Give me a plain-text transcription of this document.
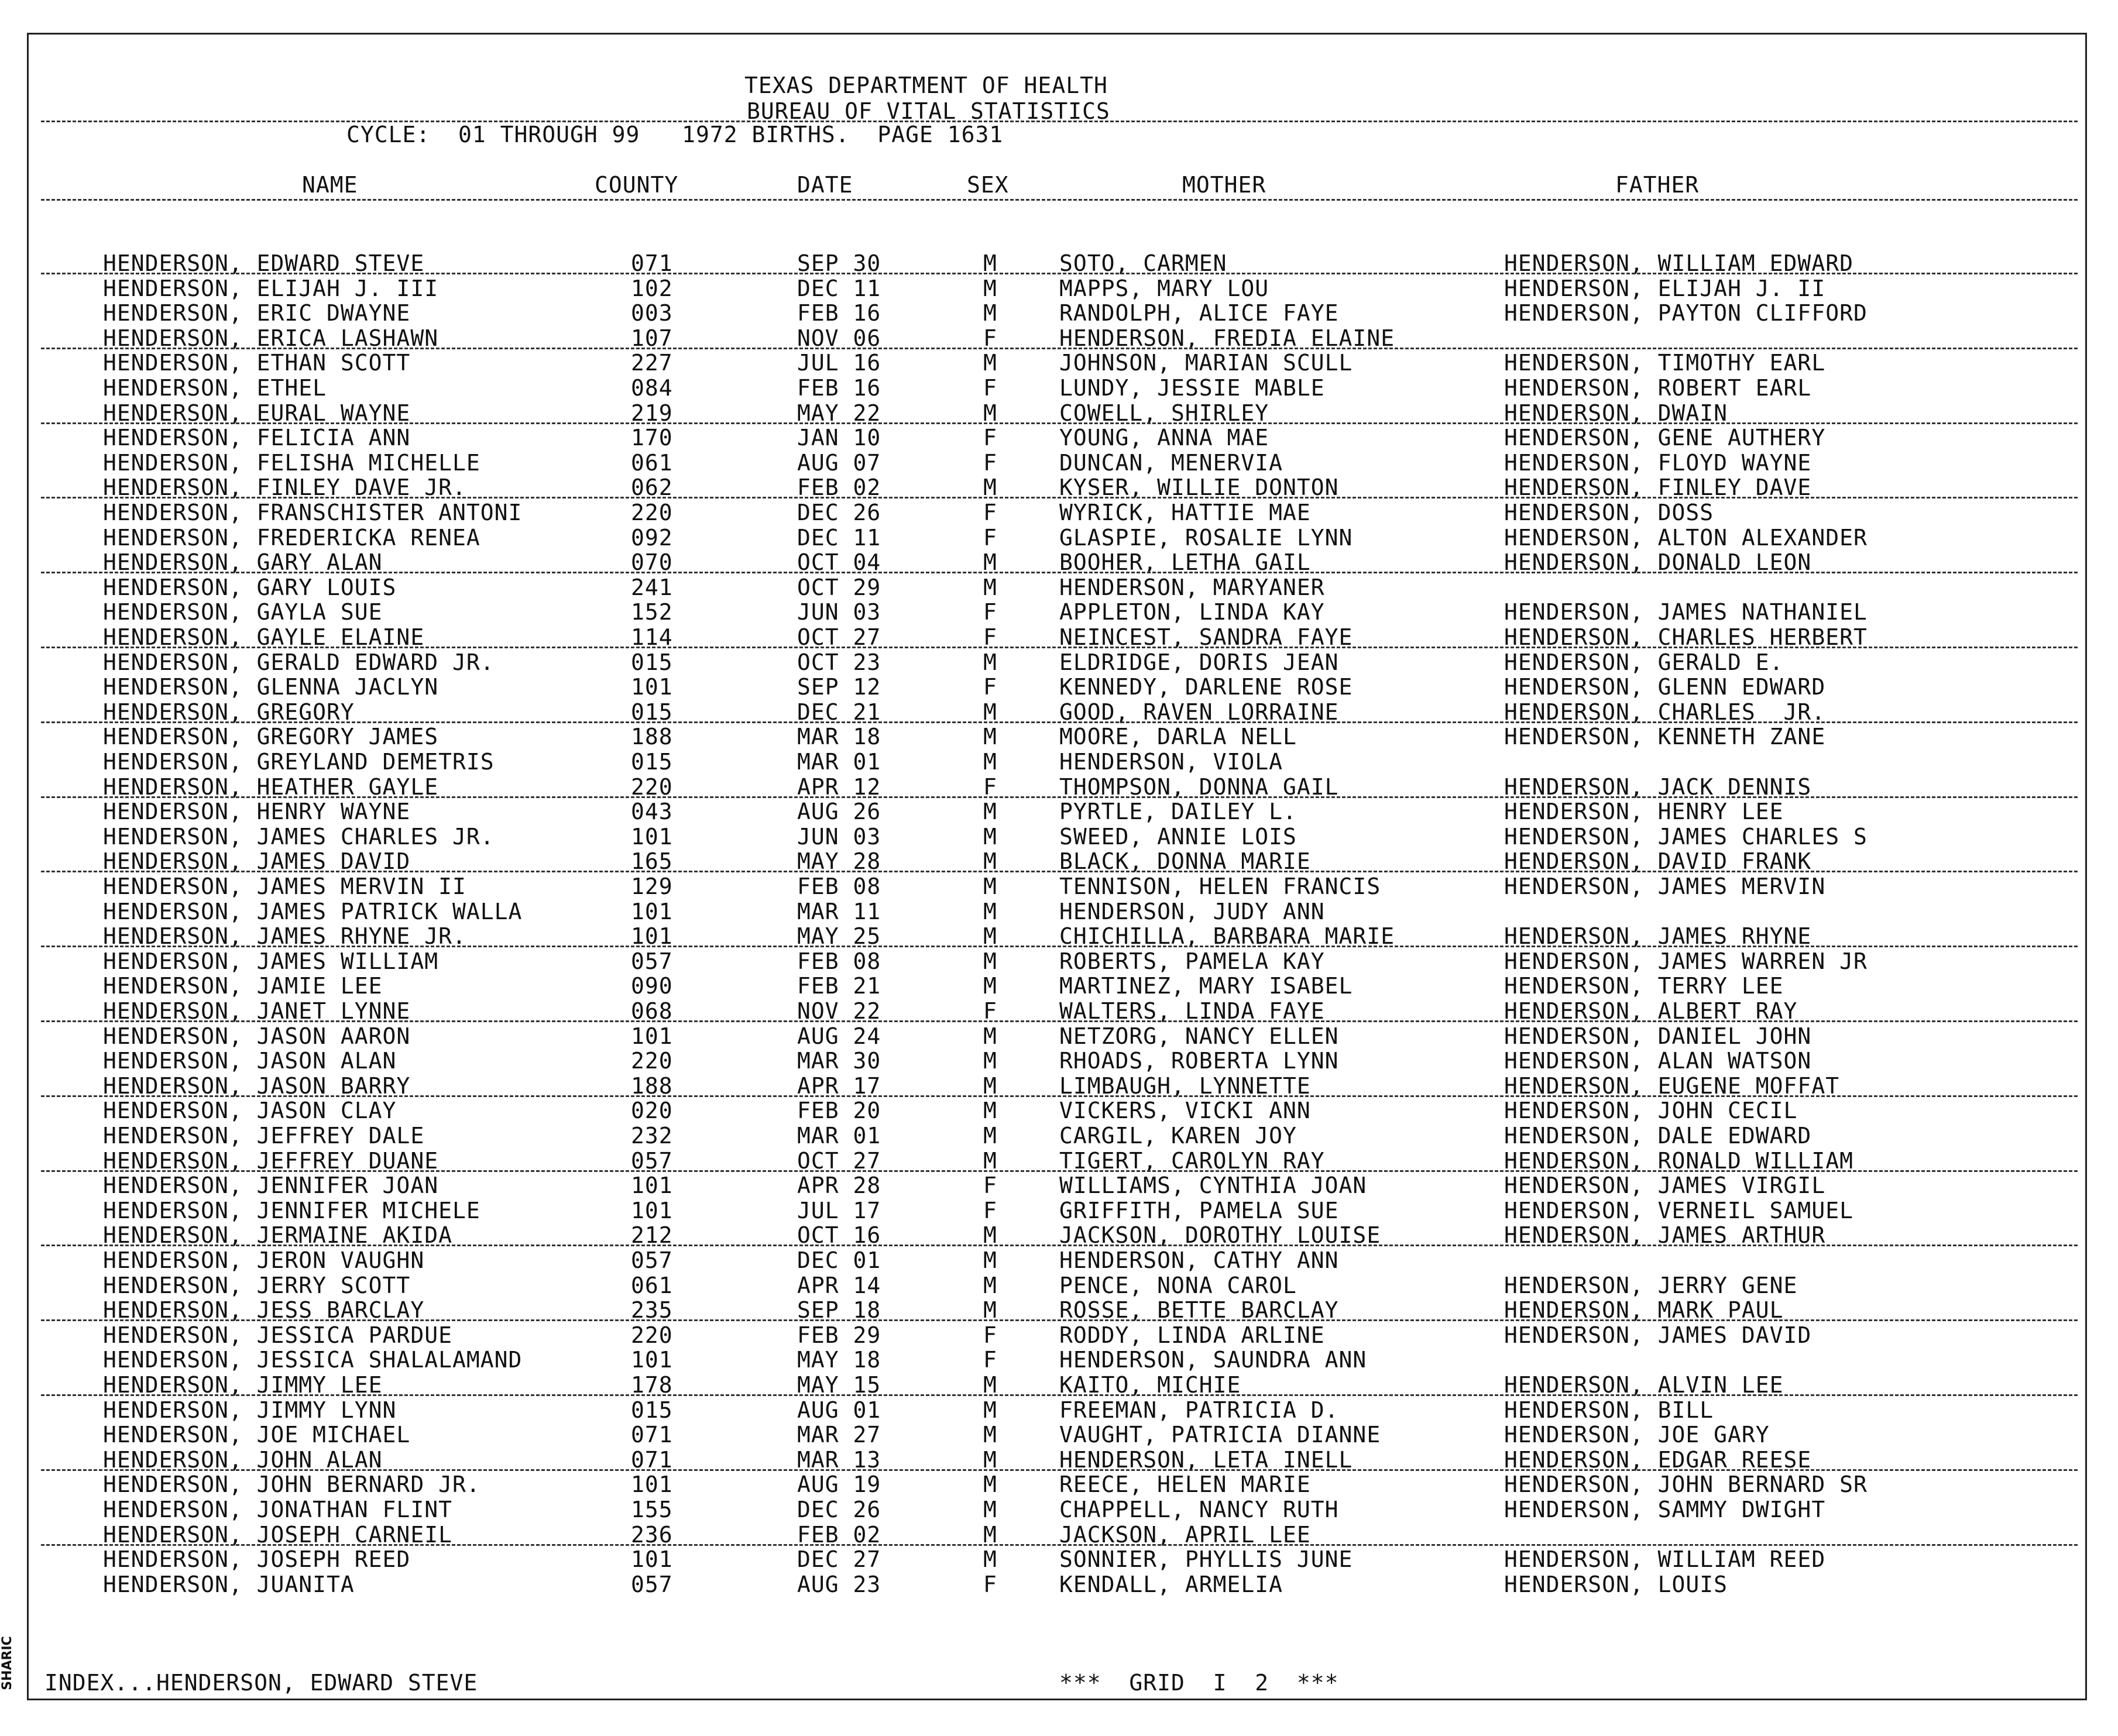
TEXAS DEPARTMENT OF HEALTH
BUREAU OF VITAL STATISTICS
CYCLE:  01 THROUGH 99   1972 BIRTHS.  PAGE 1631
NAME	COUNTY	DATE	SEX	MOTHER	FATHER
HENDERSON, EDWARD STEVE	071	SEP 30	M	SOTO, CARMEN	HENDERSON, WILLIAM EDWARD
HENDERSON, ELIJAH J. III	102	DEC 11	M	MAPPS, MARY LOU	HENDERSON, ELIJAH J. II
HENDERSON, ERIC DWAYNE	003	FEB 16	M	RANDOLPH, ALICE FAYE	HENDERSON, PAYTON CLIFFORD
HENDERSON, ERICA LASHAWN	107	NOV 06	F	HENDERSON, FREDIA ELAINE
HENDERSON, ETHAN SCOTT	227	JUL 16	M	JOHNSON, MARIAN SCULL	HENDERSON, TIMOTHY EARL
HENDERSON, ETHEL	084	FEB 16	F	LUNDY, JESSIE MABLE	HENDERSON, ROBERT EARL
HENDERSON, EURAL WAYNE	219	MAY 22	M	COWELL, SHIRLEY	HENDERSON, DWAIN
HENDERSON, FELICIA ANN	170	JAN 10	F	YOUNG, ANNA MAE	HENDERSON, GENE AUTHERY
HENDERSON, FELISHA MICHELLE	061	AUG 07	F	DUNCAN, MENERVIA	HENDERSON, FLOYD WAYNE
HENDERSON, FINLEY DAVE JR.	062	FEB 02	M	KYSER, WILLIE DONTON	HENDERSON, FINLEY DAVE
HENDERSON, FRANSCHISTER ANTONI	220	DEC 26	F	WYRICK, HATTIE MAE	HENDERSON, DOSS
HENDERSON, FREDERICKA RENEA	092	DEC 11	F	GLASPIE, ROSALIE LYNN	HENDERSON, ALTON ALEXANDER
HENDERSON, GARY ALAN	070	OCT 04	M	BOOHER, LETHA GAIL	HENDERSON, DONALD LEON
HENDERSON, GARY LOUIS	241	OCT 29	M	HENDERSON, MARYANER
HENDERSON, GAYLA SUE	152	JUN 03	F	APPLETON, LINDA KAY	HENDERSON, JAMES NATHANIEL
HENDERSON, GAYLE ELAINE	114	OCT 27	F	NEINCEST, SANDRA FAYE	HENDERSON, CHARLES HERBERT
HENDERSON, GERALD EDWARD JR.	015	OCT 23	M	ELDRIDGE, DORIS JEAN	HENDERSON, GERALD E.
HENDERSON, GLENNA JACLYN	101	SEP 12	F	KENNEDY, DARLENE ROSE	HENDERSON, GLENN EDWARD
HENDERSON, GREGORY	015	DEC 21	M	GOOD, RAVEN LORRAINE	HENDERSON, CHARLES  JR.
HENDERSON, GREGORY JAMES	188	MAR 18	M	MOORE, DARLA NELL	HENDERSON, KENNETH ZANE
HENDERSON, GREYLAND DEMETRIS	015	MAR 01	M	HENDERSON, VIOLA
HENDERSON, HEATHER GAYLE	220	APR 12	F	THOMPSON, DONNA GAIL	HENDERSON, JACK DENNIS
HENDERSON, HENRY WAYNE	043	AUG 26	M	PYRTLE, DAILEY L.	HENDERSON, HENRY LEE
HENDERSON, JAMES CHARLES JR.	101	JUN 03	M	SWEED, ANNIE LOIS	HENDERSON, JAMES CHARLES S
HENDERSON, JAMES DAVID	165	MAY 28	M	BLACK, DONNA MARIE	HENDERSON, DAVID FRANK
HENDERSON, JAMES MERVIN II	129	FEB 08	M	TENNISON, HELEN FRANCIS	HENDERSON, JAMES MERVIN
HENDERSON, JAMES PATRICK WALLA	101	MAR 11	M	HENDERSON, JUDY ANN
HENDERSON, JAMES RHYNE JR.	101	MAY 25	M	CHICHILLA, BARBARA MARIE	HENDERSON, JAMES RHYNE
HENDERSON, JAMES WILLIAM	057	FEB 08	M	ROBERTS, PAMELA KAY	HENDERSON, JAMES WARREN JR
HENDERSON, JAMIE LEE	090	FEB 21	M	MARTINEZ, MARY ISABEL	HENDERSON, TERRY LEE
HENDERSON, JANET LYNNE	068	NOV 22	F	WALTERS, LINDA FAYE	HENDERSON, ALBERT RAY
HENDERSON, JASON AARON	101	AUG 24	M	NETZORG, NANCY ELLEN	HENDERSON, DANIEL JOHN
HENDERSON, JASON ALAN	220	MAR 30	M	RHOADS, ROBERTA LYNN	HENDERSON, ALAN WATSON
HENDERSON, JASON BARRY	188	APR 17	M	LIMBAUGH, LYNNETTE	HENDERSON, EUGENE MOFFAT
HENDERSON, JASON CLAY	020	FEB 20	M	VICKERS, VICKI ANN	HENDERSON, JOHN CECIL
HENDERSON, JEFFREY DALE	232	MAR 01	M	CARGIL, KAREN JOY	HENDERSON, DALE EDWARD
HENDERSON, JEFFREY DUANE	057	OCT 27	M	TIGERT, CAROLYN RAY	HENDERSON, RONALD WILLIAM
HENDERSON, JENNIFER JOAN	101	APR 28	F	WILLIAMS, CYNTHIA JOAN	HENDERSON, JAMES VIRGIL
HENDERSON, JENNIFER MICHELE	101	JUL 17	F	GRIFFITH, PAMELA SUE	HENDERSON, VERNEIL SAMUEL
HENDERSON, JERMAINE AKIDA	212	OCT 16	M	JACKSON, DOROTHY LOUISE	HENDERSON, JAMES ARTHUR
HENDERSON, JERON VAUGHN	057	DEC 01	M	HENDERSON, CATHY ANN
HENDERSON, JERRY SCOTT	061	APR 14	M	PENCE, NONA CAROL	HENDERSON, JERRY GENE
HENDERSON, JESS BARCLAY	235	SEP 18	M	ROSSE, BETTE BARCLAY	HENDERSON, MARK PAUL
HENDERSON, JESSICA PARDUE	220	FEB 29	F	RODDY, LINDA ARLINE	HENDERSON, JAMES DAVID
HENDERSON, JESSICA SHALALAMAND	101	MAY 18	F	HENDERSON, SAUNDRA ANN
HENDERSON, JIMMY LEE	178	MAY 15	M	KAITO, MICHIE	HENDERSON, ALVIN LEE
HENDERSON, JIMMY LYNN	015	AUG 01	M	FREEMAN, PATRICIA D.	HENDERSON, BILL
HENDERSON, JOE MICHAEL	071	MAR 27	M	VAUGHT, PATRICIA DIANNE	HENDERSON, JOE GARY
HENDERSON, JOHN ALAN	071	MAR 13	M	HENDERSON, LETA INELL	HENDERSON, EDGAR REESE
HENDERSON, JOHN BERNARD JR.	101	AUG 19	M	REECE, HELEN MARIE	HENDERSON, JOHN BERNARD SR
HENDERSON, JONATHAN FLINT	155	DEC 26	M	CHAPPELL, NANCY RUTH	HENDERSON, SAMMY DWIGHT
HENDERSON, JOSEPH CARNEIL	236	FEB 02	M	JACKSON, APRIL LEE
HENDERSON, JOSEPH REED	101	DEC 27	M	SONNIER, PHYLLIS JUNE	HENDERSON, WILLIAM REED
HENDERSON, JUANITA	057	AUG 23	F	KENDALL, ARMELIA	HENDERSON, LOUIS
INDEX...HENDERSON, EDWARD STEVE	***  GRID  I  2  ***
SHARIC
